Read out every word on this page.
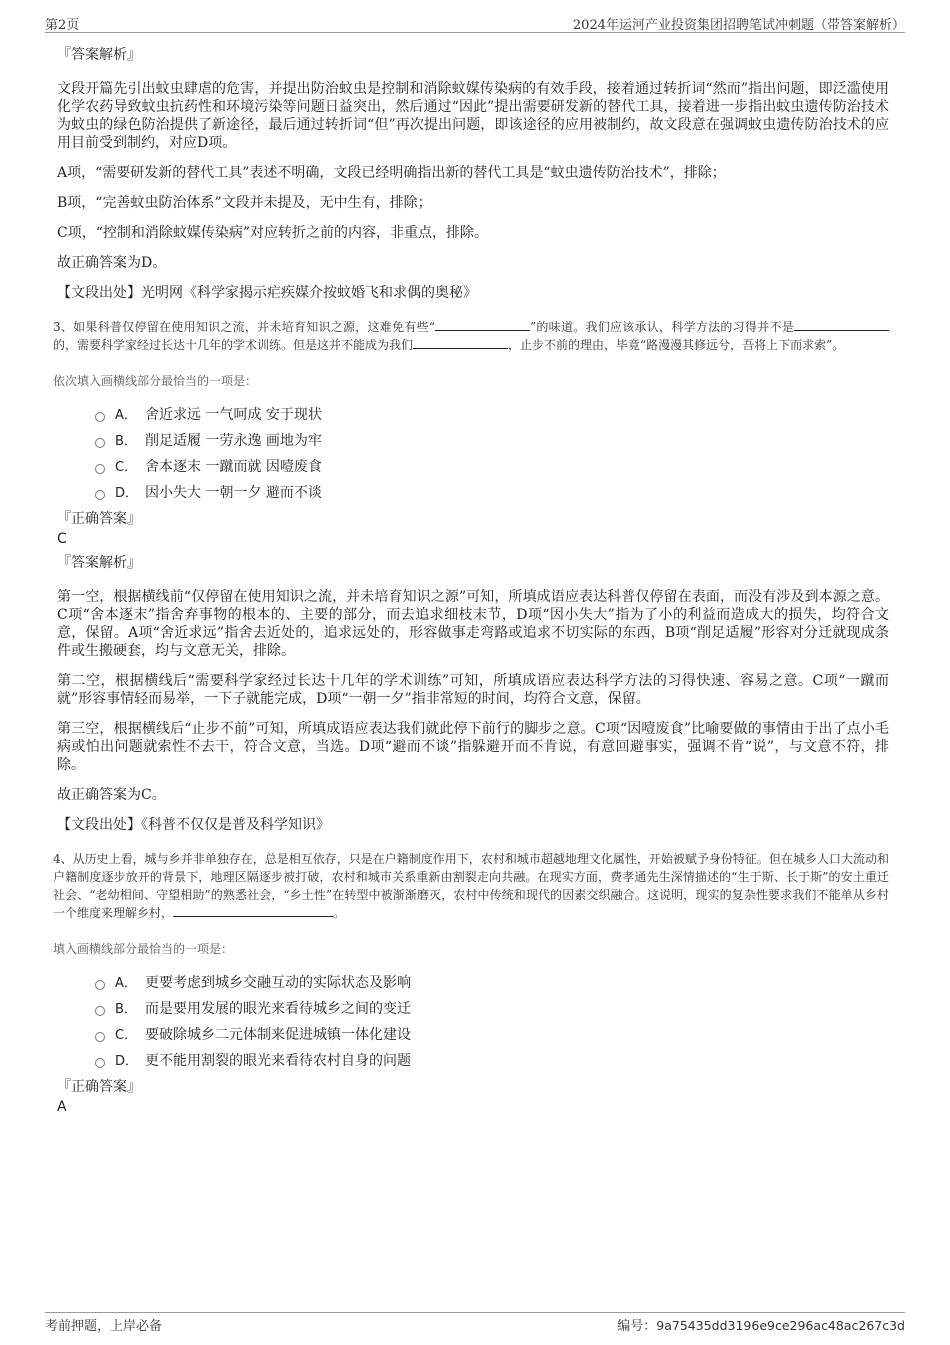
第2页	2024年运河产业投资集团招聘笔试冲刺题（带答案解析）
『答案解析』

文段开篇先引出蚊虫肆虐的危害，并提出防治蚊虫是控制和消除蚊媒传染病的有效手段，接着通过转折词“然而”指出问题，即泛滥使用化学农药导致蚊虫抗药性和环境污染等问题日益突出，然后通过“因此”提出需要研发新的替代工具，接着进一步指出蚊虫遗传防治技术为蚊虫的绿色防治提供了新途径，最后通过转折词“但”再次提出问题，即该途径的应用被制约，故文段意在强调蚊虫遗传防治技术的应用目前受到制约，对应D项。

A项，“需要研发新的替代工具”表述不明确，文段已经明确指出新的替代工具是“蚊虫遗传防治技术”，排除；

B项，“完善蚊虫防治体系”文段并未提及，无中生有，排除；

C项，“控制和消除蚊媒传染病”对应转折之前的内容，非重点，排除。

故正确答案为D。

【文段出处】光明网《科学家揭示疟疾媒介按蚊婚飞和求偶的奥秘》

3、如果科普仅停留在使用知识之流，并未培育知识之源，这难免有些“	”的味道。我们应该承认，科学方法的习得并不是的，需要科学家经过长达十几年的学术训练。但是这并不能成为我们	，止步不前的理由，毕竟“路漫漫其修远兮，吾将上下而求索”。
依次填入画横线部分最恰当的一项是：
A． 舍近求远 一气呵成 安于现状
B． 削足适履 一劳永逸 画地为牢
C． 舍本逐末 一蹴而就 因噎废食
D． 因小失大 一朝一夕 避而不谈
『正确答案』
C
『答案解析』

第一空，根据横线前“仅停留在使用知识之流，并未培育知识之源”可知，所填成语应表达科普仅停留在表面，而没有涉及到本源之意。C项“舍本逐末”指舍弃事物的根本的、主要的部分，而去追求细枝末节，D项“因小失大”指为了小的利益而造成大的损失，均符合文意，保留。A项“舍近求远”指舍去近处的，追求远处的，形容做事走弯路或追求不切实际的东西，B项“削足适履”形容对分迁就现成条件或生搬硬套，均与文意无关，排除。

第二空，根据横线后“需要科学家经过长达十几年的学术训练”可知，所填成语应表达科学方法的习得快速、容易之意。C项“一蹴而就”形容事情轻而易举，一下子就能完成，D项“一朝一夕”指非常短的时间，均符合文意，保留。

第三空，根据横线后“止步不前”可知，所填成语应表达我们就此停下前行的脚步之意。C项“因噎废食”比喻要做的事情由于出了点小毛病或怕出问题就索性不去干，符合文意，当选。D项“避而不谈”指躲避开而不肯说，有意回避事实，强调不肯“说”，与文意不符，排除。

故正确答案为C。

【文段出处】《科普不仅仅是普及科学知识》

4、从历史上看，城与乡并非单独存在，总是相互依存，只是在户籍制度作用下，农村和城市超越地理文化属性，开始被赋予身份特征。但在城乡人口大流动和户籍制度逐步放开的背景下，地理区隔逐步被打破，农村和城市关系重新由割裂走向共融。在现实方面，费孝通先生深情描述的“生于斯、长于斯”的安土重迁社会、“老幼相间、守望相助”的熟悉社会，“乡土性”在转型中被渐渐磨灭，农村中传统和现代的因素交织融合。这说明，现实的复杂性要求我们不能单从乡村一个维度来理解乡村，	。
填入画横线部分最恰当的一项是：
A． 更要考虑到城乡交融互动的实际状态及影响
B． 而是要用发展的眼光来看待城乡之间的变迁
C． 要破除城乡二元体制来促进城镇一体化建设
D． 更不能用割裂的眼光来看待农村自身的问题
『正确答案』
A
考前押题，上岸必备	编号：9a75435dd3196e9ce296ac48ac267c3d
